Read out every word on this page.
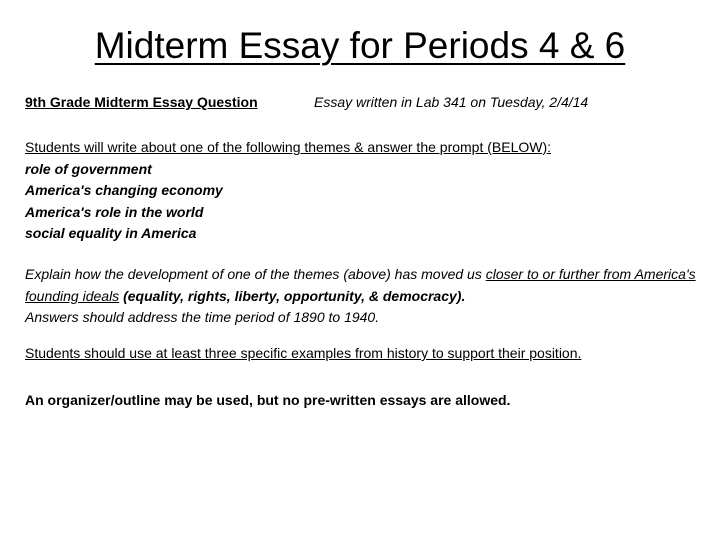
Midterm Essay for Periods 4 & 6
9th Grade Midterm Essay Question	Essay written in Lab 341 on Tuesday, 2/4/14
Students will write about one of the following themes & answer the prompt (BELOW):
role of government
America's changing economy
America's role in the world
social equality in America
Explain how the development of one of the themes (above) has moved us closer to or further from America's founding ideals (equality, rights, liberty, opportunity, & democracy).
Answers should address the time period of 1890 to 1940.
Students should use at least three specific examples from history to support their position.
An organizer/outline may be used, but no pre-written essays are allowed.
